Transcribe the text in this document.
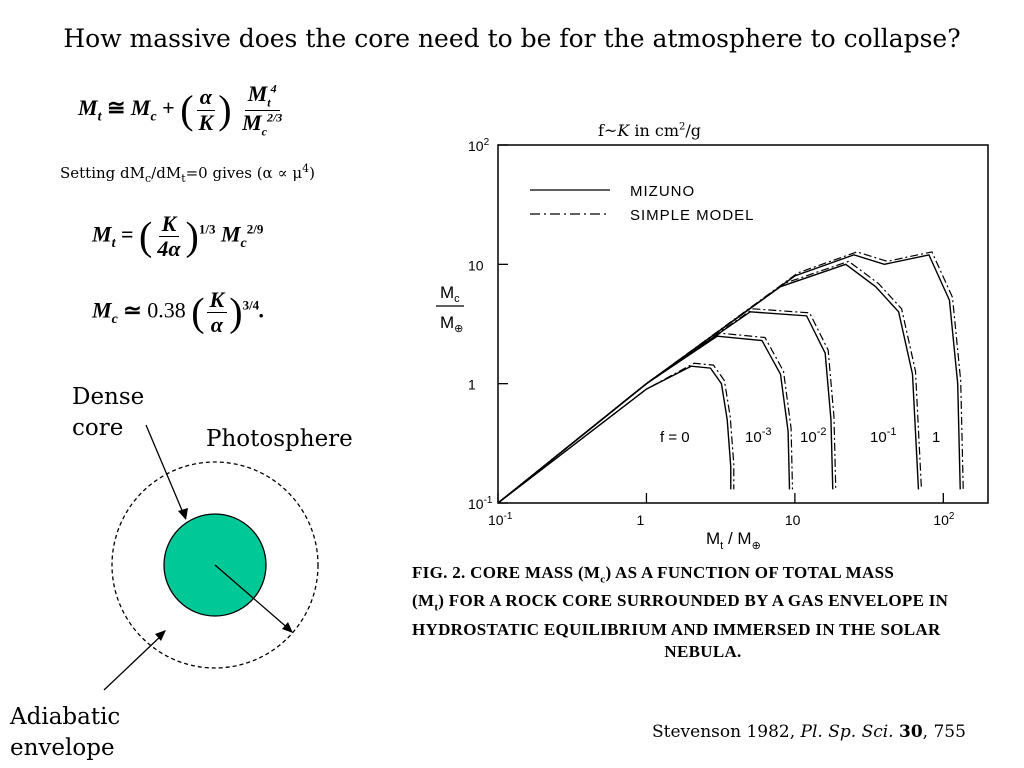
How massive does the core need to be for the atmosphere to collapse?
$M_t$ ≅ $M_c$ + ( $\frac{\alpha}{K}$ ) $\frac{M_t^4}{M_c^{2/3}}$
Setting $dM_c/dM_t=0$ gives $(\alpha \propto \mu^4)$
$M_t$ = ( $\frac{K}{4\alpha} )^{1/3}$ $M_c^{2/9}$
$M_c$ ≃ 0.38 ( $\frac{K}{\alpha} )^{3/4}$.
Dense
core	Photosphere
Adiabatic
envelope
f~K in $cm^2/g$
$10^2$
10
1
$10^{-1}$
$10^{-1}$	1	10	$10^2$
MIZUNO
SIMPLE MODEL
$M_c$
$M_\oplus$
$M_t / M_\oplus$
f = 0	$10^{-3}$ $10^{-2}$	$10^{-1}$ 1
FIG. 2. CORE MASS $(M_c)$ AS A FUNCTION OF TOTAL MASS
$(M_t)$ FOR A ROCK CORE SURROUNDED BY A GAS ENVELOPE IN
HYDROSTATIC EQUILIBRIUM AND IMMERSED IN THE SOLAR
NEBULA.
Stevenson 1982, Pl. Sp. Sci. 30, 755
